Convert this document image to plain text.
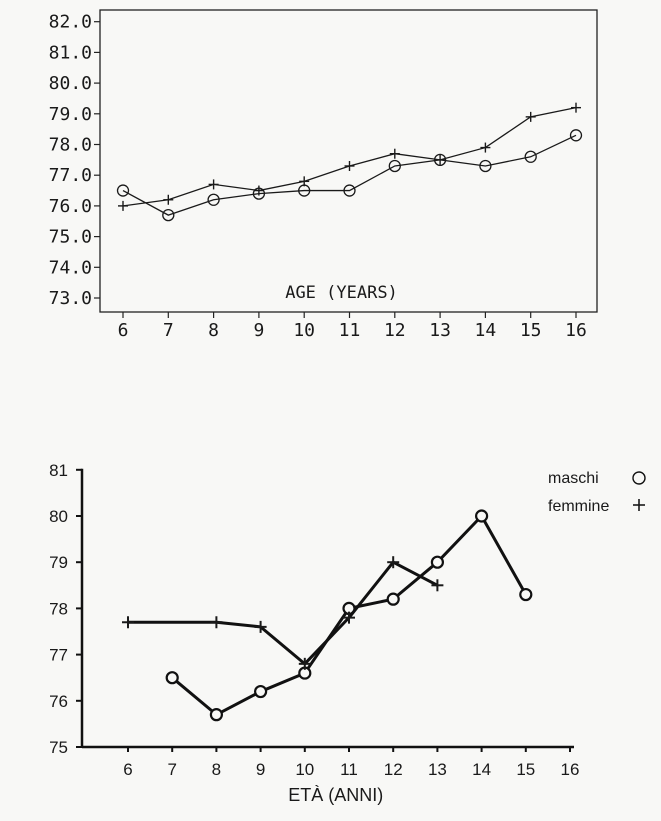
73.0
74.0
75.0
76.0
77.0
78.0
79.0
80.0
81.0
82.0
6 7 8 9 10 11 12 13 14 15 16
AGE (YEARS)
75
76
77
78
79
80
81
6 7 8 9 10 11 12 13 14 15 16
ETÀ (ANNI)
maschi
femmine
